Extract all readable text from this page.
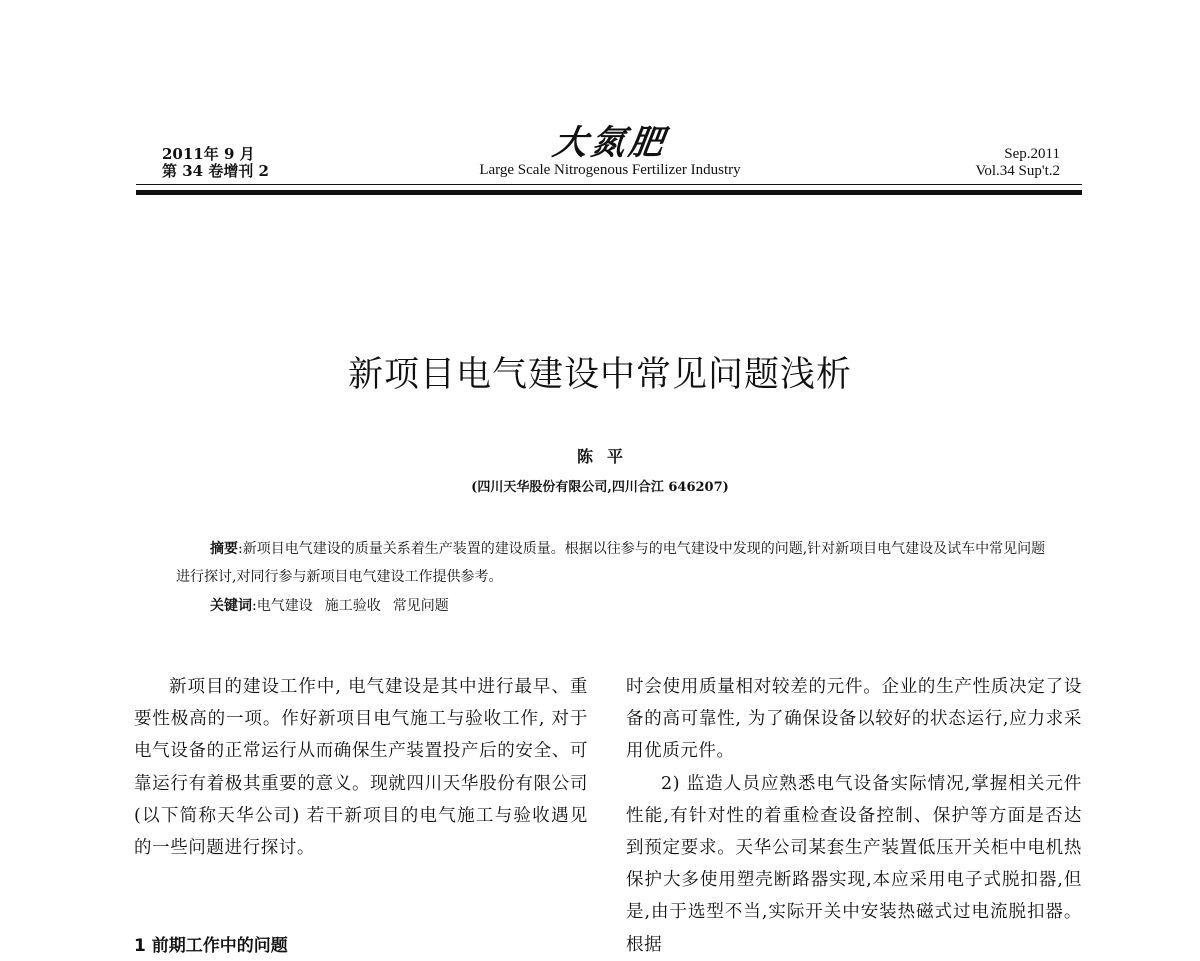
2011年 9 月
第 34 卷增刊 2
大氮肥
Large Scale Nitrogenous Fertilizer Industry
Sep.2011
Vol.34 Sup't.2
新项目电气建设中常见问题浅析
陈平
(四川天华股份有限公司,四川合江 646207)
摘要:新项目电气建设的质量关系着生产装置的建设质量。根据以往参与的电气建设中发现的问题,针对新项目电气建设及试车中常见问题进行探讨,对同行参与新项目电气建设工作提供参考。
关键词:电气建设 施工验收 常见问题

新项目的建设工作中, 电气建设是其中进行最早、重要性极高的一项。作好新项目电气施工与验收工作, 对于电气设备的正常运行从而确保生产装置投产后的安全、可靠运行有着极其重要的意义。现就四川天华股份有限公司(以下简称天华公司) 若干新项目的电气施工与验收遇见的一些问题进行探讨。

1 前期工作中的问题

时会使用质量相对较差的元件。企业的生产性质决定了设备的高可靠性, 为了确保设备以较好的状态运行,应力求采用优质元件。

2) 监造人员应熟悉电气设备实际情况,掌握相关元件性能,有针对性的着重检查设备控制、保护等方面是否达到预定要求。天华公司某套生产装置低压开关柜中电机热保护大多使用塑壳断路器实现,本应采用电子式脱扣器,但是,由于选型不当,实际开关中安装热磁式过电流脱扣器。根据
